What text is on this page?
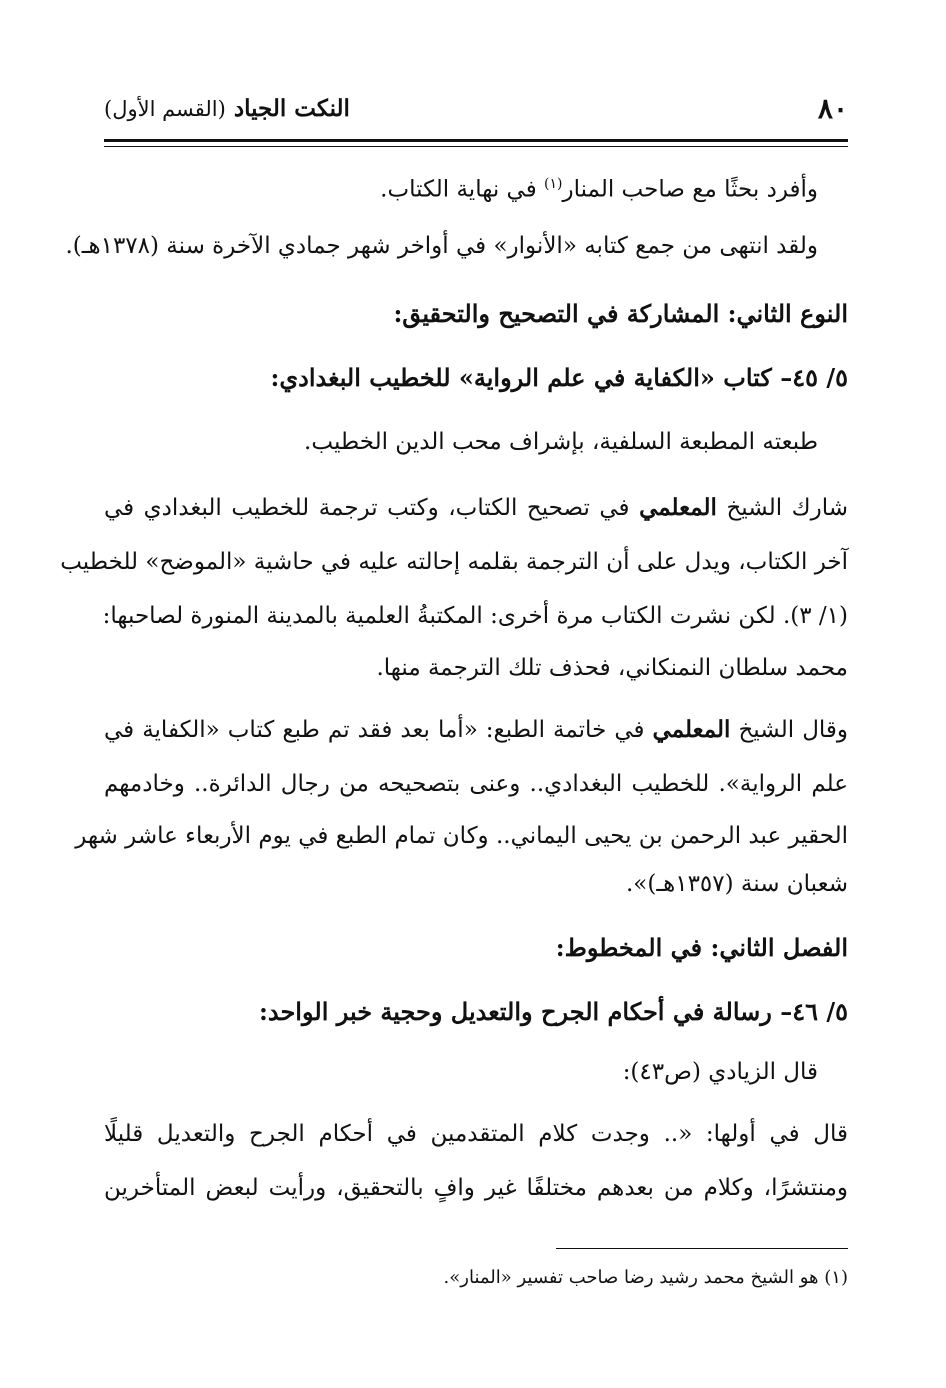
٨٠
النكت الجياد (القسم الأول)
وأفرد بحثًا مع صاحب المنار$^{(١)}$ في نهاية الكتاب.
ولقد انتهى من جمع كتابه «الأنوار» في أواخر شهر جمادي الآخرة سنة (١٣٧٨هـ).
النوع الثاني: المشاركة في التصحيح والتحقيق:
٥/ ٤٥– كتاب «الكفاية في علم الرواية» للخطيب البغدادي:
طبعته المطبعة السلفية، بإشراف محب الدين الخطيب.
شارك الشيخ المعلمي في تصحيح الكتاب، وكتب ترجمة للخطيب البغدادي في
آخر الكتاب، ويدل على أن الترجمة بقلمه إحالته عليه في حاشية «الموضح» للخطيب
(١/ ٣). لكن نشرت الكتاب مرة أخرى: المكتبةُ العلمية بالمدينة المنورة لصاحبها:
محمد سلطان النمنكاني، فحذف تلك الترجمة منها.
وقال الشيخ المعلمي في خاتمة الطبع: «أما بعد فقد تم طبع كتاب «الكفاية في
علم الرواية». للخطيب البغدادي.. وعنى بتصحيحه من رجال الدائرة.. وخادمهم
الحقير عبد الرحمن بن يحيى اليماني.. وكان تمام الطبع في يوم الأربعاء عاشر شهر
شعبان سنة (١٣٥٧هـ)».
الفصل الثاني: في المخطوط:
٥/ ٤٦– رسالة في أحكام الجرح والتعديل وحجية خبر الواحد:
قال الزيادي (ص٤٣):
قال في أولها: «.. وجدت كلام المتقدمين في أحكام الجرح والتعديل قليلًا
ومنتشرًا، وكلام من بعدهم مختلفًا غير وافٍ بالتحقيق، ورأيت لبعض المتأخرين
(١) هو الشيخ محمد رشيد رضا صاحب تفسير «المنار».
